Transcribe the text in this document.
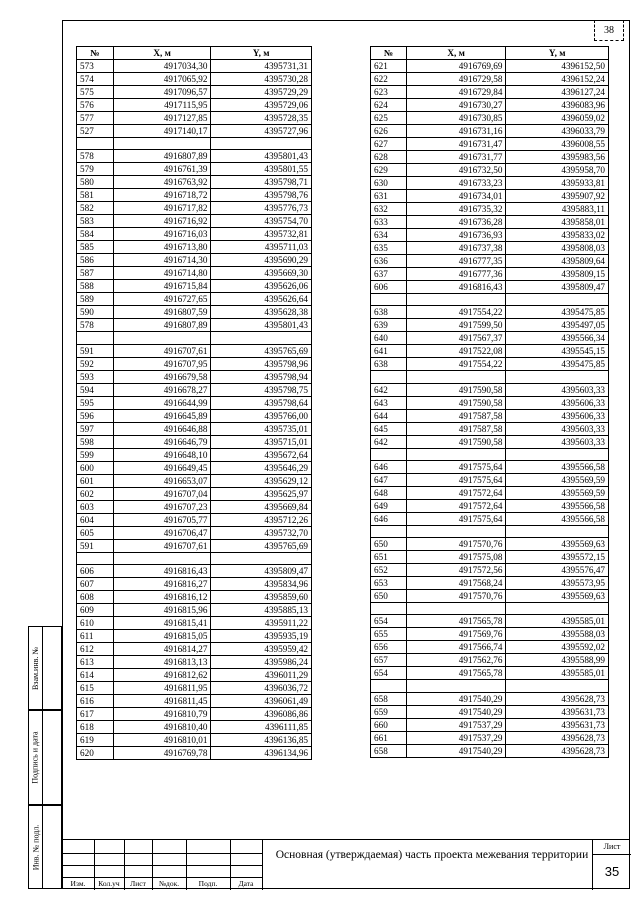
38
№	X, м	Y, м
573	4917034,30	4395731,31
574	4917065,92	4395730,28
575	4917096,57	4395729,29
576	4917115,95	4395729,06
577	4917127,85	4395728,35
527	4917140,17	4395727,96

578	4916807,89	4395801,43
579	4916761,39	4395801,55
580	4916763,92	4395798,71
581	4916718,72	4395798,76
582	4916717,82	4395776,73
583	4916716,92	4395754,70
584	4916716,03	4395732,81
585	4916713,80	4395711,03
586	4916714,30	4395690,29
587	4916714,80	4395669,30
588	4916715,84	4395626,06
589	4916727,65	4395626,64
590	4916807,59	4395628,38
578	4916807,89	4395801,43

591	4916707,61	4395765,69
592	4916707,95	4395798,96
593	4916679,58	4395798,94
594	4916678,27	4395798,75
595	4916644,99	4395798,64
596	4916645,89	4395766,00
597	4916646,88	4395735,01
598	4916646,79	4395715,01
599	4916648,10	4395672,64
600	4916649,45	4395646,29
601	4916653,07	4395629,12
602	4916707,04	4395625,97
603	4916707,23	4395669,84
604	4916705,77	4395712,26
605	4916706,47	4395732,70
591	4916707,61	4395765,69

606	4916816,43	4395809,47
607	4916816,27	4395834,96
608	4916816,12	4395859,60
609	4916815,96	4395885,13
610	4916815,41	4395911,22
611	4916815,05	4395935,19
612	4916814,27	4395959,42
613	4916813,13	4395986,24
614	4916812,62	4396011,29
615	4916811,95	4396036,72
616	4916811,45	4396061,49
617	4916810,79	4396086,86
618	4916810,40	4396111,85
619	4916810,01	4396136,85
620	4916769,78	4396134,96
№	X, м	Y, м
621	4916769,69	4396152,50
622	4916729,58	4396152,24
623	4916729,84	4396127,24
624	4916730,27	4396083,96
625	4916730,85	4396059,02
626	4916731,16	4396033,79
627	4916731,47	4396008,55
628	4916731,77	4395983,56
629	4916732,50	4395958,70
630	4916733,23	4395933,81
631	4916734,01	4395907,92
632	4916735,32	4395883,11
633	4916736,28	4395858,01
634	4916736,93	4395833,02
635	4916737,38	4395808,03
636	4916777,35	4395809,64
637	4916777,36	4395809,15
606	4916816,43	4395809,47

638	4917554,22	4395475,85
639	4917599,50	4395497,05
640	4917567,37	4395566,34
641	4917522,08	4395545,15
638	4917554,22	4395475,85

642	4917590,58	4395603,33
643	4917590,58	4395606,33
644	4917587,58	4395606,33
645	4917587,58	4395603,33
642	4917590,58	4395603,33

646	4917575,64	4395566,58
647	4917575,64	4395569,59
648	4917572,64	4395569,59
649	4917572,64	4395566,58
646	4917575,64	4395566,58

650	4917570,76	4395569,63
651	4917575,08	4395572,15
652	4917572,56	4395576,47
653	4917568,24	4395573,95
650	4917570,76	4395569,63

654	4917565,78	4395585,01
655	4917569,76	4395588,03
656	4917566,74	4395592,02
657	4917562,76	4395588,99
654	4917565,78	4395585,01

658	4917540,29	4395628,73
659	4917540,29	4395631,73
660	4917537,29	4395631,73
661	4917537,29	4395628,73
658	4917540,29	4395628,73
Взам.инв. №
Подпись и дата
Инв. № подл.
Изм.	Кол.уч	Лист	№док.	Подп.	Дата
Основная (утверждаемая) часть проекта межевания территории
Лист
35
